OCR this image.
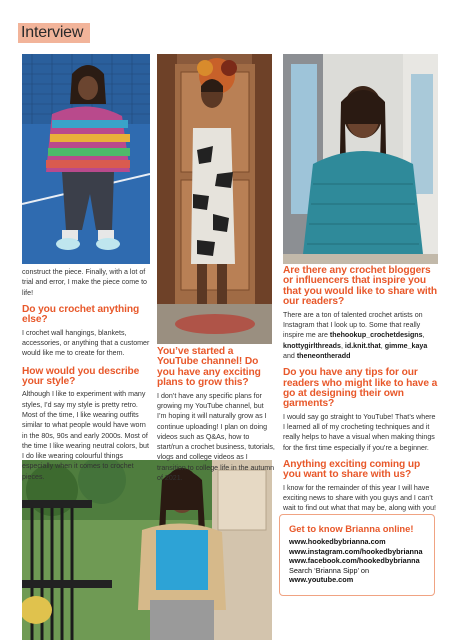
Interview

construct the piece. Finally, with a lot of trial and error, I make the piece come to life!

Do you crochet anything else?

I crochet wall hangings, blankets, accessories, or anything that a customer would like me to create for them.

How would you describe your style?

Although I like to experiment with many styles, I’d say my style is pretty retro. Most of the time, I like wearing outfits similar to what people would have worn in the 80s, 90s and early 2000s. Most of the time I like wearing neutral colors, but I do like wearing colourful things especially when it comes to crochet pieces.

You’ve started a YouTube channel! Do you have any exciting plans to grow this?

I don’t have any specific plans for growing my YouTube channel, but I’m hoping it will naturally grow as I continue uploading! I plan on doing videos such as Q&As, how to start/run a crochet business, tutorials, vlogs and college videos as I transition to college life in the autumn of 2021.

Are there any crochet bloggers or influencers that inspire you that you would like to share with our readers?

There are a ton of talented crochet artists on Instagram that I look up to. Some that really inspire me are thehookup_crochetdesigns, knottygirlthreads, id.knit.that, gimme_kaya and theneontheradd

Do you have any tips for our readers who might like to have a go at designing their own garments?

I would say go straight to YouTube! That’s where I learned all of my crocheting techniques and it really helps to have a visual when making things for the first time especially if you’re a beginner.

Anything exciting coming up you want to share with us?

I know for the remainder of this year I will have exciting news to share with you guys and I can’t wait to find out what that may be, along with you!

Get to know Brianna online!

www.hookedbybrianna.com

www.instagram.com/hookedbybrianna

www.facebook.com/hookedbybrianna

Search ‘Brianna Sipp’ on

www.youtube.com
